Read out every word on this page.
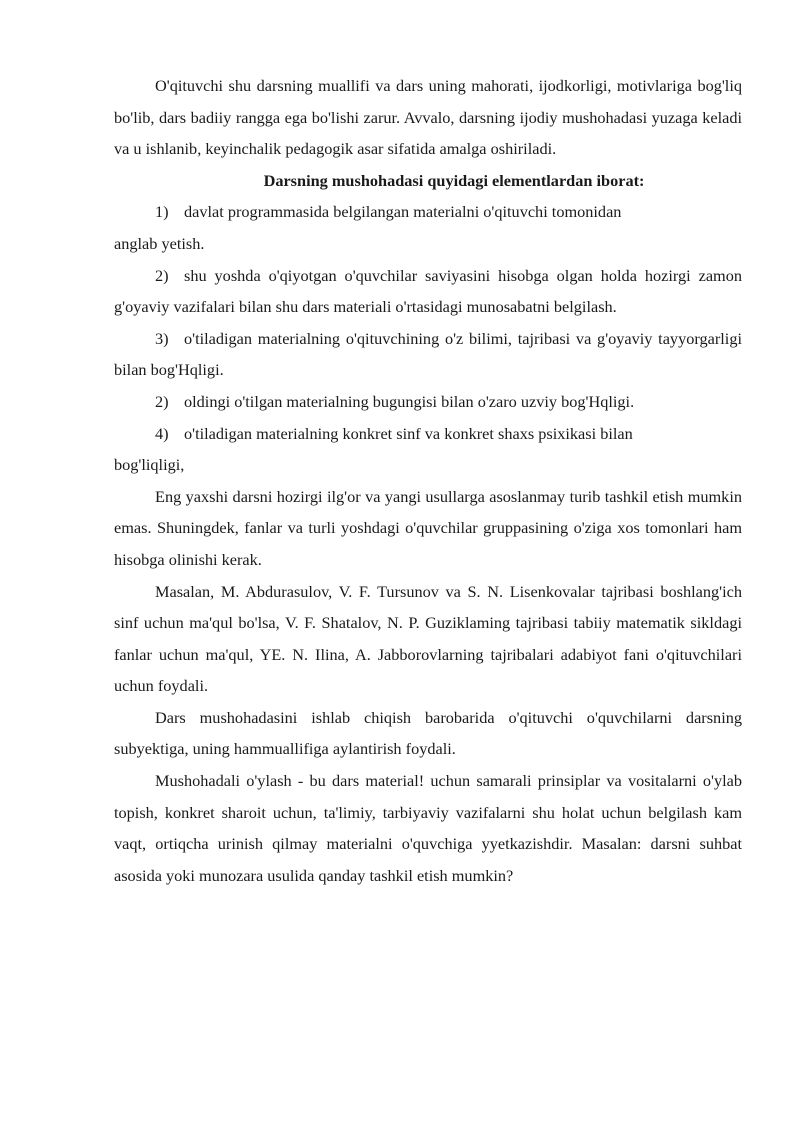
O'qituvchi shu darsning muallifi va dars uning mahorati, ijodkorligi, motivlariga bog'liq bo'lib, dars badiiy rangga ega bo'lishi zarur. Avvalo, darsning ijodiy mushohadasi yuzaga keladi va u ishlanib, keyinchalik pedagogik asar sifatida amalga oshiriladi.

Darsning mushohadasi quyidagi elementlardan iborat:

1) davlat programmasida belgilangan materialni o'qituvchi tomonidan
anglab yetish.

2) shu yoshda o'qiyotgan o'quvchilar saviyasini hisobga olgan holda hozirgi zamon g'oyaviy vazifalari bilan shu dars materiali o'rtasidagi munosabatni belgilash.

3) o'tiladigan materialning o'qituvchining o'z bilimi, tajribasi va g'oyaviy tayyorgarligi bilan bog'Hqligi.

2) oldingi o'tilgan materialning bugungisi bilan o'zaro uzviy bog'Hqligi.

4) o'tiladigan materialning konkret sinf va konkret shaxs psixikasi bilan
bog'liqligi,

Eng yaxshi darsni hozirgi ilg'or va yangi usullarga asoslanmay turib tashkil etish mumkin emas. Shuningdek, fanlar va turli yoshdagi o'quvchilar gruppasining o'ziga xos tomonlari ham hisobga olinishi kerak.

Masalan, M. Abdurasulov, V. F. Tursunov va S. N. Lisenkovalar tajribasi boshlang'ich sinf uchun ma'qul bo'lsa, V. F. Shatalov, N. P. Guziklaming tajribasi tabiiy matematik sikldagi fanlar uchun ma'qul, YE. N. Ilina, A. Jabborovlarning tajribalari adabiyot fani o'qituvchilari uchun foydali.

Dars mushohadasini ishlab chiqish barobarida o'qituvchi o'quvchilarni darsning subyektiga, uning hammuallifiga aylantirish foydali.

Mushohadali o'ylash - bu dars material! uchun samarali prinsiplar va vositalarni o'ylab topish, konkret sharoit uchun, ta'limiy, tarbiyaviy vazifalarni shu holat uchun belgilash kam vaqt, ortiqcha urinish qilmay materialni o'quvchiga yyetkazishdir. Masalan: darsni suhbat asosida yoki munozara usulida qanday tashkil etish mumkin?
